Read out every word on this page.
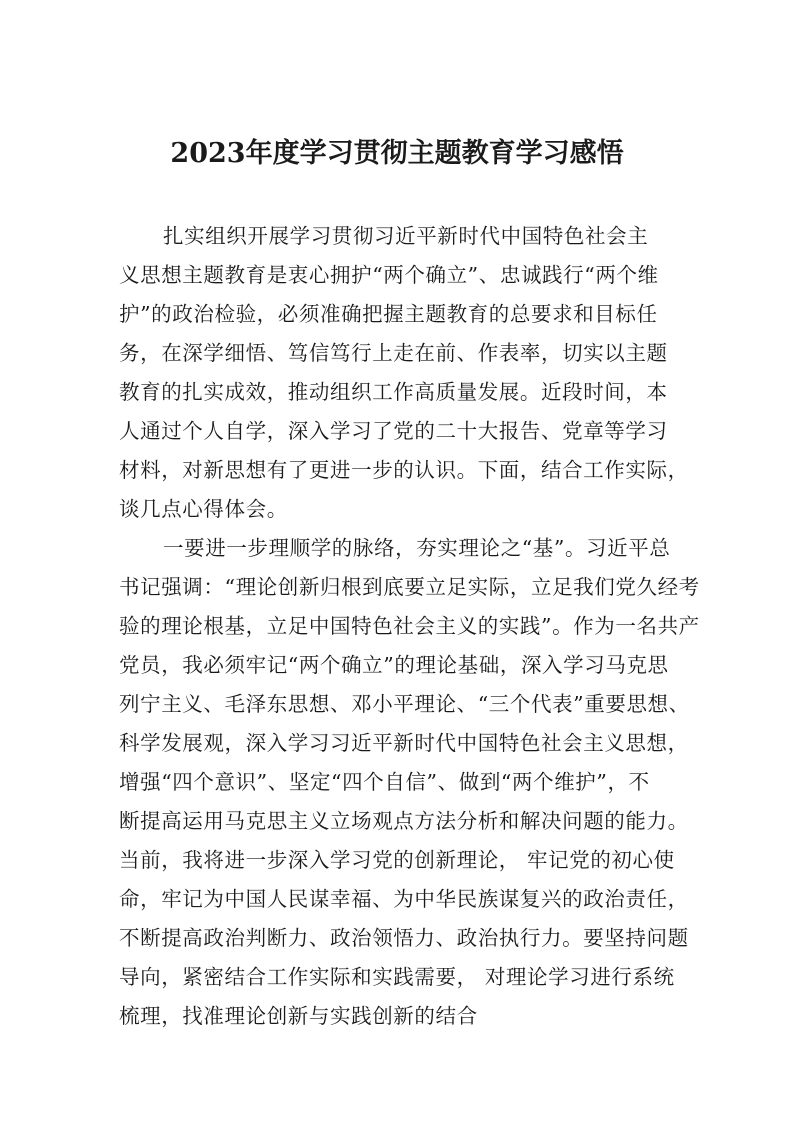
2023年度学习贯彻主题教育学习感悟
扎实组织开展学习贯彻习近平新时代中国特色社会主
义思想主题教育是衷心拥护“两个确立”、忠诚践行“两个维
护”的政治检验，必须准确把握主题教育的总要求和目标任
务，在深学细悟、笃信笃行上走在前、作表率，切实以主题
教育的扎实成效，推动组织工作高质量发展。近段时间，本
人通过个人自学，深入学习了党的二十大报告、党章等学习
材料，对新思想有了更进一步的认识。下面，结合工作实际，
谈几点心得体会。
一要进一步理顺学的脉络，夯实理论之“基”。习近平总
书记强调：“理论创新归根到底要立足实际，立足我们党久经考
验的理论根基，立足中国特色社会主义的实践”。作为一名共产
党员，我必须牢记“两个确立”的理论基础，深入学习马克思
列宁主义、毛泽东思想、邓小平理论、“三个代表”重要思想、
科学发展观，深入学习习近平新时代中国特色社会主义思想，
增强“四个意识”、坚定“四个自信”、做到“两个维护”，不
断提高运用马克思主义立场观点方法分析和解决问题的能力。
当前，我将进一步深入学习党的创新理论， 牢记党的初心使
命，牢记为中国人民谋幸福、为中华民族谋复兴的政治责任，
不断提高政治判断力、政治领悟力、政治执行力。要坚持问题
导向，紧密结合工作实际和实践需要， 对理论学习进行系统
梳理，找准理论创新与实践创新的结合
